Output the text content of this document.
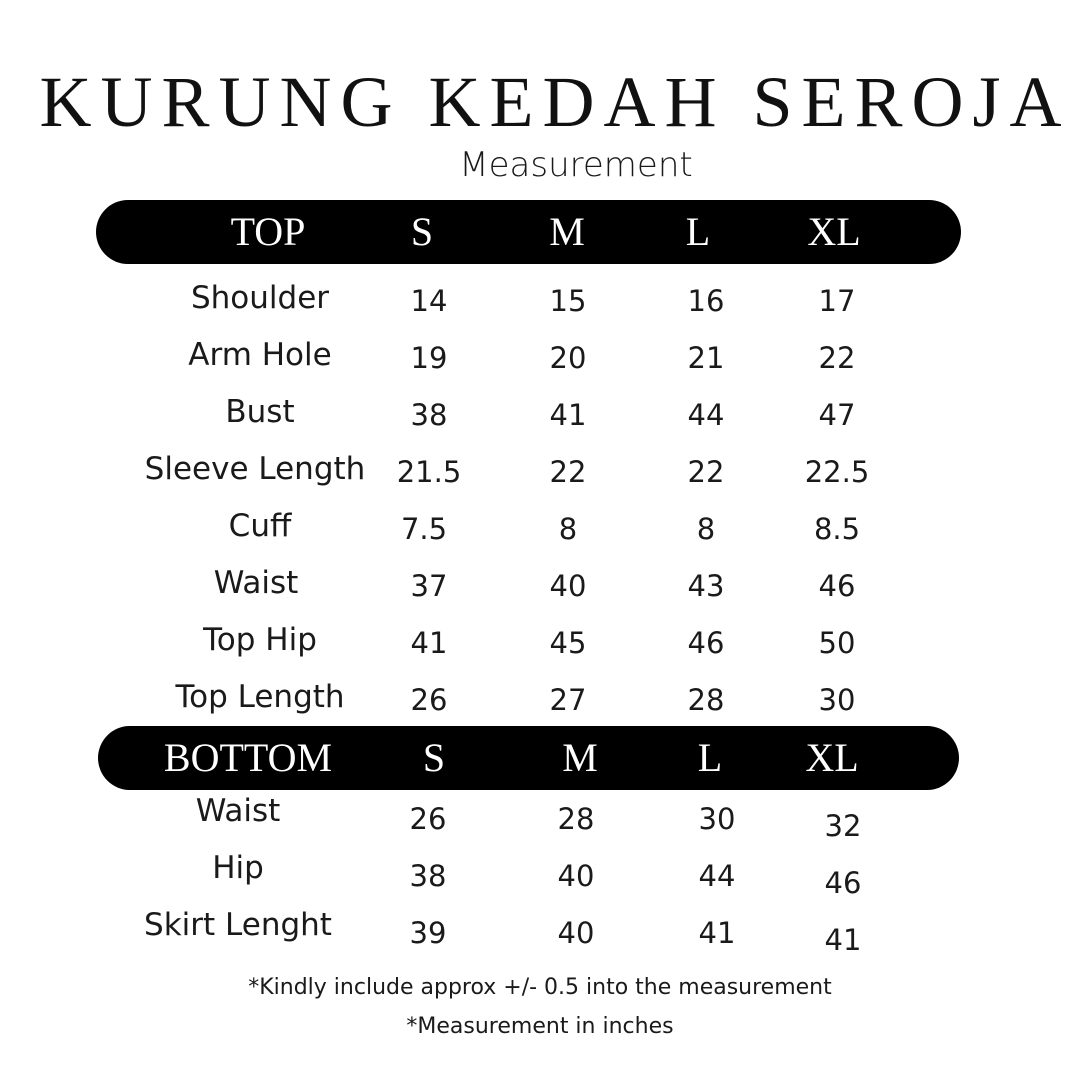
KURUNG KEDAH SEROJA
Measurement
TOP	S	M	L XL
Shoulder	14	15	16	17
Arm Hole	19	20	21	22
Bust	38	41	44	47
Sleeve Length 21.5	22	22	22.5
Cuff	7.5	8	8	8.5
Waist	37	40	43	46
Top Hip	41	45	46	50
Top Length 26	27	28	30
BOTTOM S	M L XL
Waist	26	28	30	32
Hip	38	40	44	46
Skirt Lenght	39	40	41	41
*Kindly include approx +/- 0.5 into the measurement
*Measurement in inches
